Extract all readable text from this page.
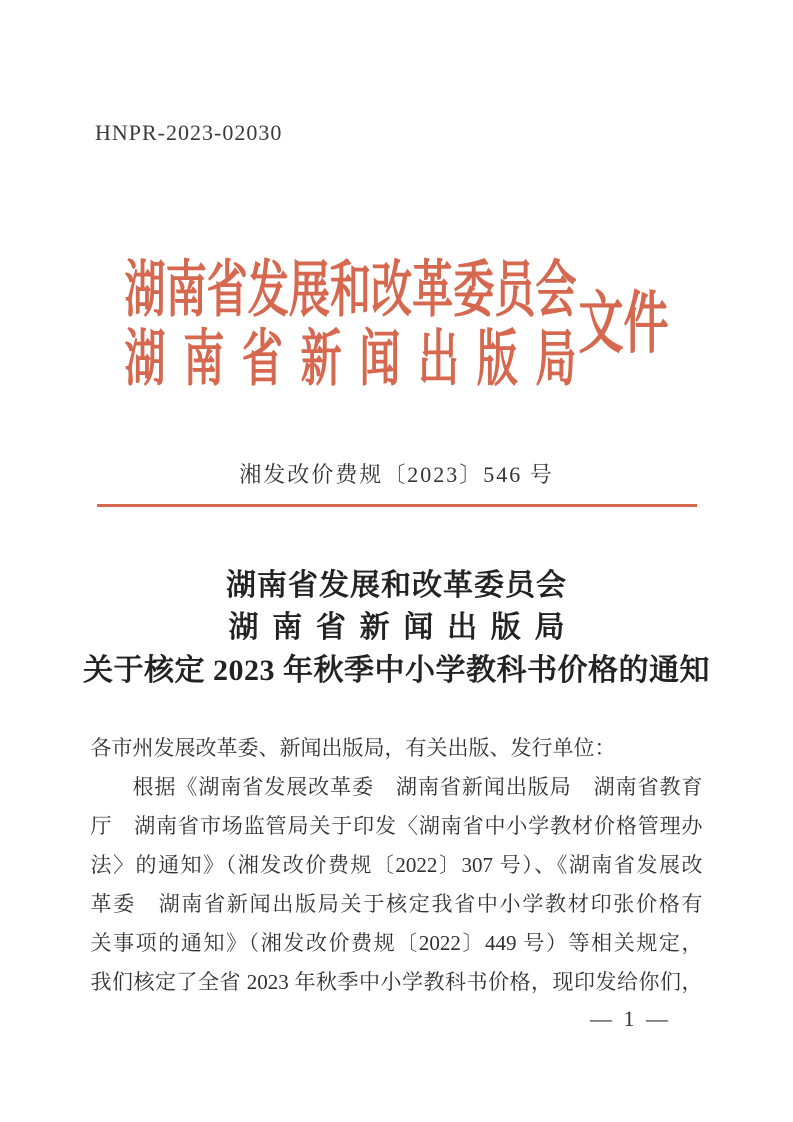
HNPR-2023-02030
湖南省发展和改革委员会
湖南省新闻出版局 文件
湘发改价费规〔2023〕546 号
湖南省发展和改革委员会
湖南省新闻出版局
关于核定 2023 年秋季中小学教科书价格的通知
各市州发展改革委、新闻出版局，有关出版、发行单位：
根据《湖南省发展改革委　湖南省新闻出版局　湖南省教育
厅　湖南省市场监管局关于印发〈湖南省中小学教材价格管理办
法〉的通知》（湘发改价费规〔2022〕307 号）、《湖南省发展改
革委　湖南省新闻出版局关于核定我省中小学教材印张价格有
关事项的通知》（湘发改价费规〔2022〕449 号）等相关规定，
我们核定了全省 2023 年秋季中小学教科书价格，现印发给你们，
— 1 —
